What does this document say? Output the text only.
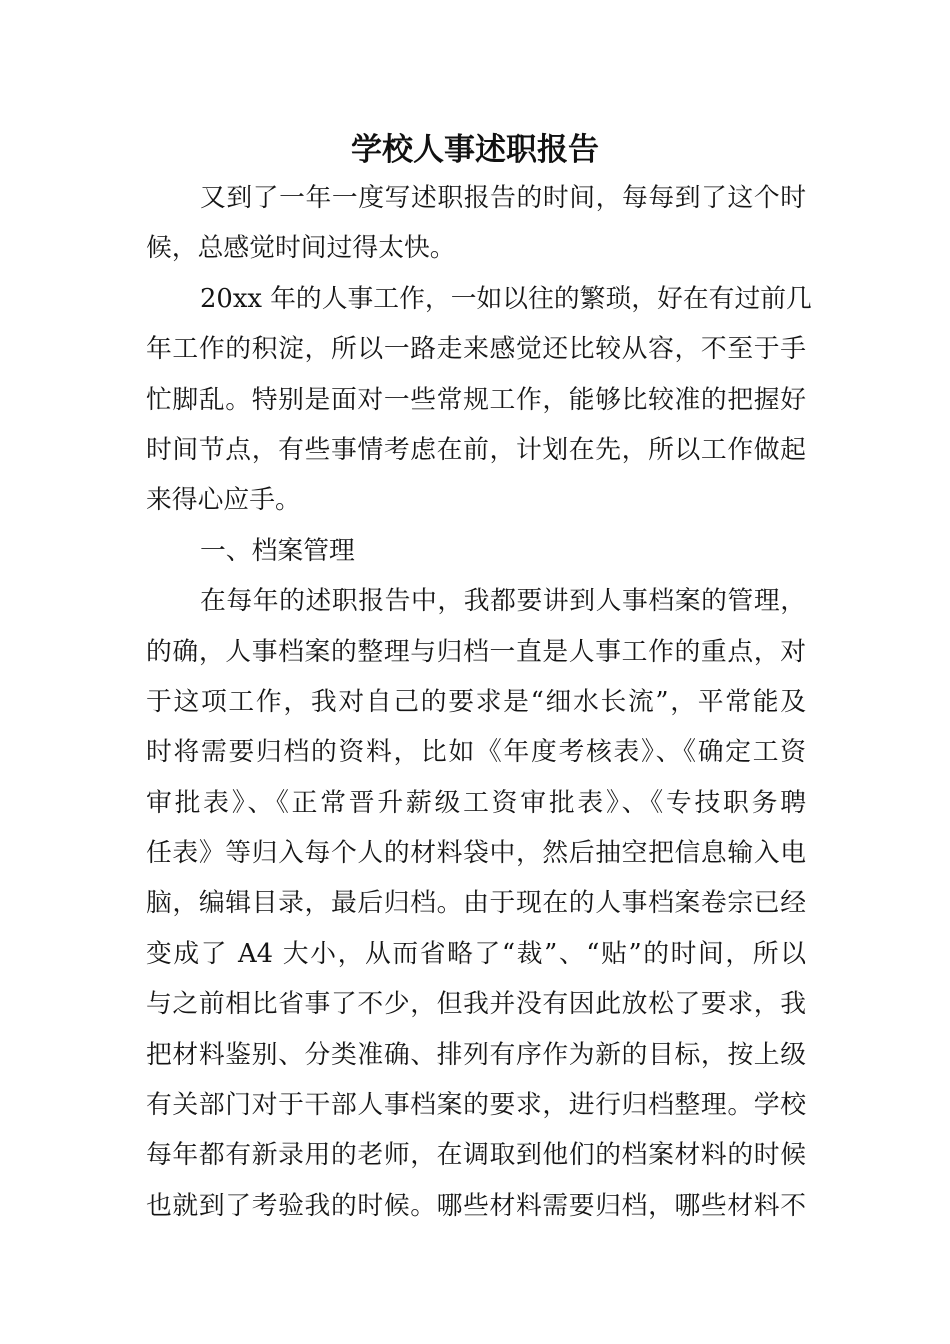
学校人事述职报告

又到了一年一度写述职报告的时间，每每到了这个时
候，总感觉时间过得太快。

20xx 年的人事工作，一如以往的繁琐，好在有过前几
年工作的积淀，所以一路走来感觉还比较从容，不至于手
忙脚乱。特别是面对一些常规工作，能够比较准的把握好
时间节点，有些事情考虑在前，计划在先，所以工作做起
来得心应手。

一、档案管理

在每年的述职报告中，我都要讲到人事档案的管理，
的确，人事档案的整理与归档一直是人事工作的重点，对
于这项工作，我对自己的要求是“细水长流”，平常能及
时将需要归档的资料，比如《年度考核表》、《确定工资
审批表》、《正常晋升薪级工资审批表》、《专技职务聘
任表》等归入每个人的材料袋中，然后抽空把信息输入电
脑，编辑目录，最后归档。由于现在的人事档案卷宗已经
变成了 A4 大小，从而省略了“裁”、“贴”的时间，所以
与之前相比省事了不少，但我并没有因此放松了要求，我
把材料鉴别、分类准确、排列有序作为新的目标，按上级
有关部门对于干部人事档案的要求，进行归档整理。学校
每年都有新录用的老师，在调取到他们的档案材料的时候
也就到了考验我的时候。哪些材料需要归档，哪些材料不
